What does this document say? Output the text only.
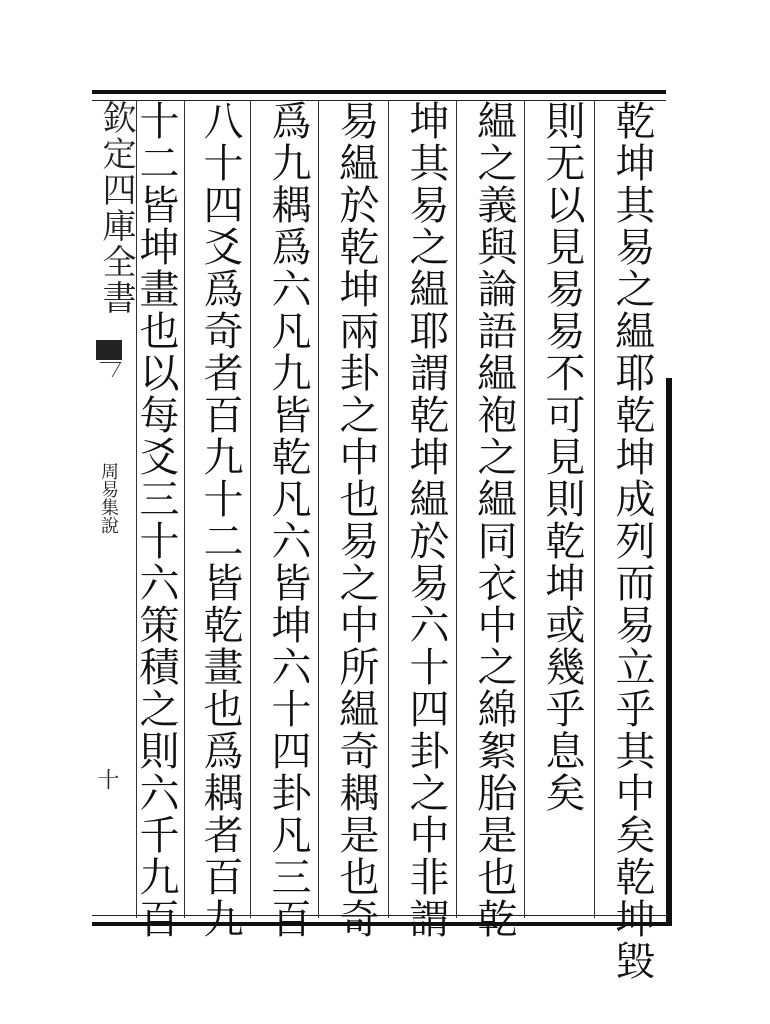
欽定四庫全書
周易集說
十	乾坤其易之緼耶乾坤成列而易立乎其中矣乾坤毀
則无以見易易不可見則乾坤或幾乎息矣
緼之義與論語緼袍之緼同衣中之綿絮胎是也乾
坤其易之緼耶謂乾坤緼於易六十四卦之中非謂
易緼於乾坤兩卦之中也易之中所緼奇耦是也奇
爲九耦爲六凡九皆乾凡六皆坤六十四卦凡三百
八十四爻爲奇者百九十二皆乾畫也爲耦者百九
十二皆坤畫也以每爻三十六策積之則六千九百
